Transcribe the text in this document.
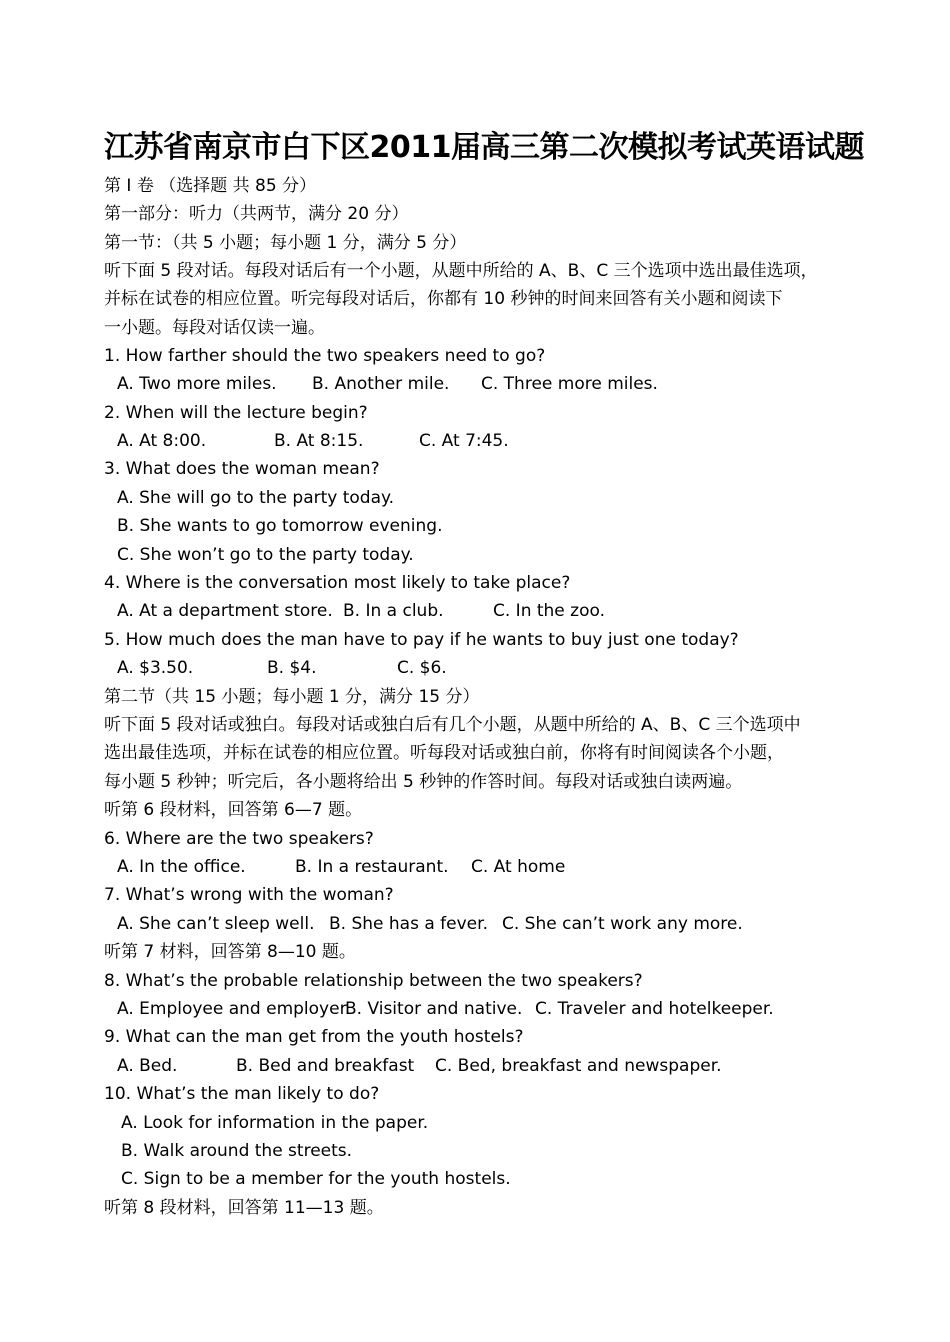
江苏省南京市白下区2011届高三第二次模拟考试英语试题
第 I 卷 （选择题 共 85 分）
第一部分：听力（共两节，满分 20 分）
第一节：（共 5 小题；每小题 1 分，满分 5 分）
听下面 5 段对话。每段对话后有一个小题，从题中所给的 A、B、C 三个选项中选出最佳选项，
并标在试卷的相应位置。听完每段对话后，你都有 10 秒钟的时间来回答有关小题和阅读下
一小题。每段对话仅读一遍。
1. How farther should the two speakers need to go?
A. Two more miles. B. Another mile. C. Three more miles.
2. When will the lecture begin?
A. At 8:00.	B. At 8:15.	C. At 7:45.
3. What does the woman mean?
A. She will go to the party today.
B. She wants to go tomorrow evening.
C. She won’t go to the party today.
4. Where is the conversation most likely to take place?
A. At a department store. B. In a club.	C. In the zoo.
5. How much does the man have to pay if he wants to buy just one today?
A. $3.50.	B. $4.	C. $6.
第二节（共 15 小题；每小题 1 分，满分 15 分）
听下面 5 段对话或独白。每段对话或独白后有几个小题，从题中所给的 A、B、C 三个选项中
选出最佳选项，并标在试卷的相应位置。听每段对话或独白前，你将有时间阅读各个小题，
每小题 5 秒钟；听完后，各小题将给出 5 秒钟的作答时间。每段对话或独白读两遍。
听第 6 段材料，回答第 6—7 题。
6. Where are the two speakers?
A. In the office.	B. In a restaurant. C. At home
7. What’s wrong with the woman?
A. She can’t sleep well. B. She has a fever. C. She can’t work any more.
听第 7 材料，回答第 8—10 题。
8. What’s the probable relationship between the two speakers?
A. Employee and employer.
B. Visitor and native. C. Traveler and hotelkeeper.
9. What can the man get from the youth hostels?
A. Bed.	B. Bed and breakfast C. Bed, breakfast and newspaper.
10. What’s the man likely to do?
A. Look for information in the paper.
B. Walk around the streets.
C. Sign to be a member for the youth hostels.
听第 8 段材料，回答第 11—13 题。
